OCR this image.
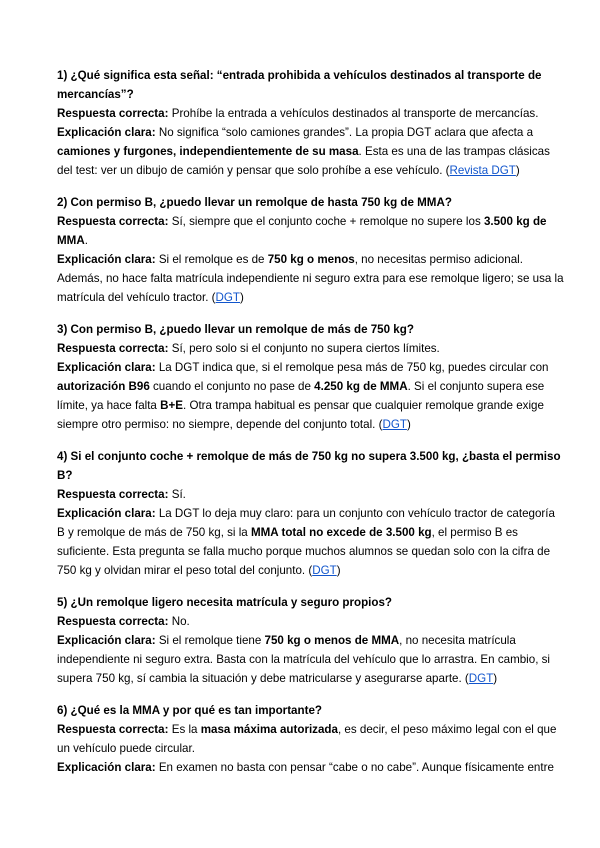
1) ¿Qué significa esta señal: “entrada prohibida a vehículos destinados al transporte de
mercancías”?
Respuesta correcta: Prohíbe la entrada a vehículos destinados al transporte de mercancías.
Explicación clara: No significa “solo camiones grandes”. La propia DGT aclara que afecta a
camiones y furgones, independientemente de su masa. Esta es una de las trampas clásicas
del test: ver un dibujo de camión y pensar que solo prohíbe a ese vehículo. (Revista DGT)
2) Con permiso B, ¿puedo llevar un remolque de hasta 750 kg de MMA?
Respuesta correcta: Sí, siempre que el conjunto coche + remolque no supere los 3.500 kg de
MMA.
Explicación clara: Si el remolque es de 750 kg o menos, no necesitas permiso adicional.
Además, no hace falta matrícula independiente ni seguro extra para ese remolque ligero; se usa la
matrícula del vehículo tractor. (DGT)
3) Con permiso B, ¿puedo llevar un remolque de más de 750 kg?
Respuesta correcta: Sí, pero solo si el conjunto no supera ciertos límites.
Explicación clara: La DGT indica que, si el remolque pesa más de 750 kg, puedes circular con
autorización B96 cuando el conjunto no pase de 4.250 kg de MMA. Si el conjunto supera ese
límite, ya hace falta B+E. Otra trampa habitual es pensar que cualquier remolque grande exige
siempre otro permiso: no siempre, depende del conjunto total. (DGT)
4) Si el conjunto coche + remolque de más de 750 kg no supera 3.500 kg, ¿basta el permiso
B?
Respuesta correcta: Sí.
Explicación clara: La DGT lo deja muy claro: para un conjunto con vehículo tractor de categoría
B y remolque de más de 750 kg, si la MMA total no excede de 3.500 kg, el permiso B es
suficiente. Esta pregunta se falla mucho porque muchos alumnos se quedan solo con la cifra de
750 kg y olvidan mirar el peso total del conjunto. (DGT)
5) ¿Un remolque ligero necesita matrícula y seguro propios?
Respuesta correcta: No.
Explicación clara: Si el remolque tiene 750 kg o menos de MMA, no necesita matrícula
independiente ni seguro extra. Basta con la matrícula del vehículo que lo arrastra. En cambio, si
supera 750 kg, sí cambia la situación y debe matricularse y asegurarse aparte. (DGT)
6) ¿Qué es la MMA y por qué es tan importante?
Respuesta correcta: Es la masa máxima autorizada, es decir, el peso máximo legal con el que
un vehículo puede circular.
Explicación clara: En examen no basta con pensar “cabe o no cabe”. Aunque físicamente entre
